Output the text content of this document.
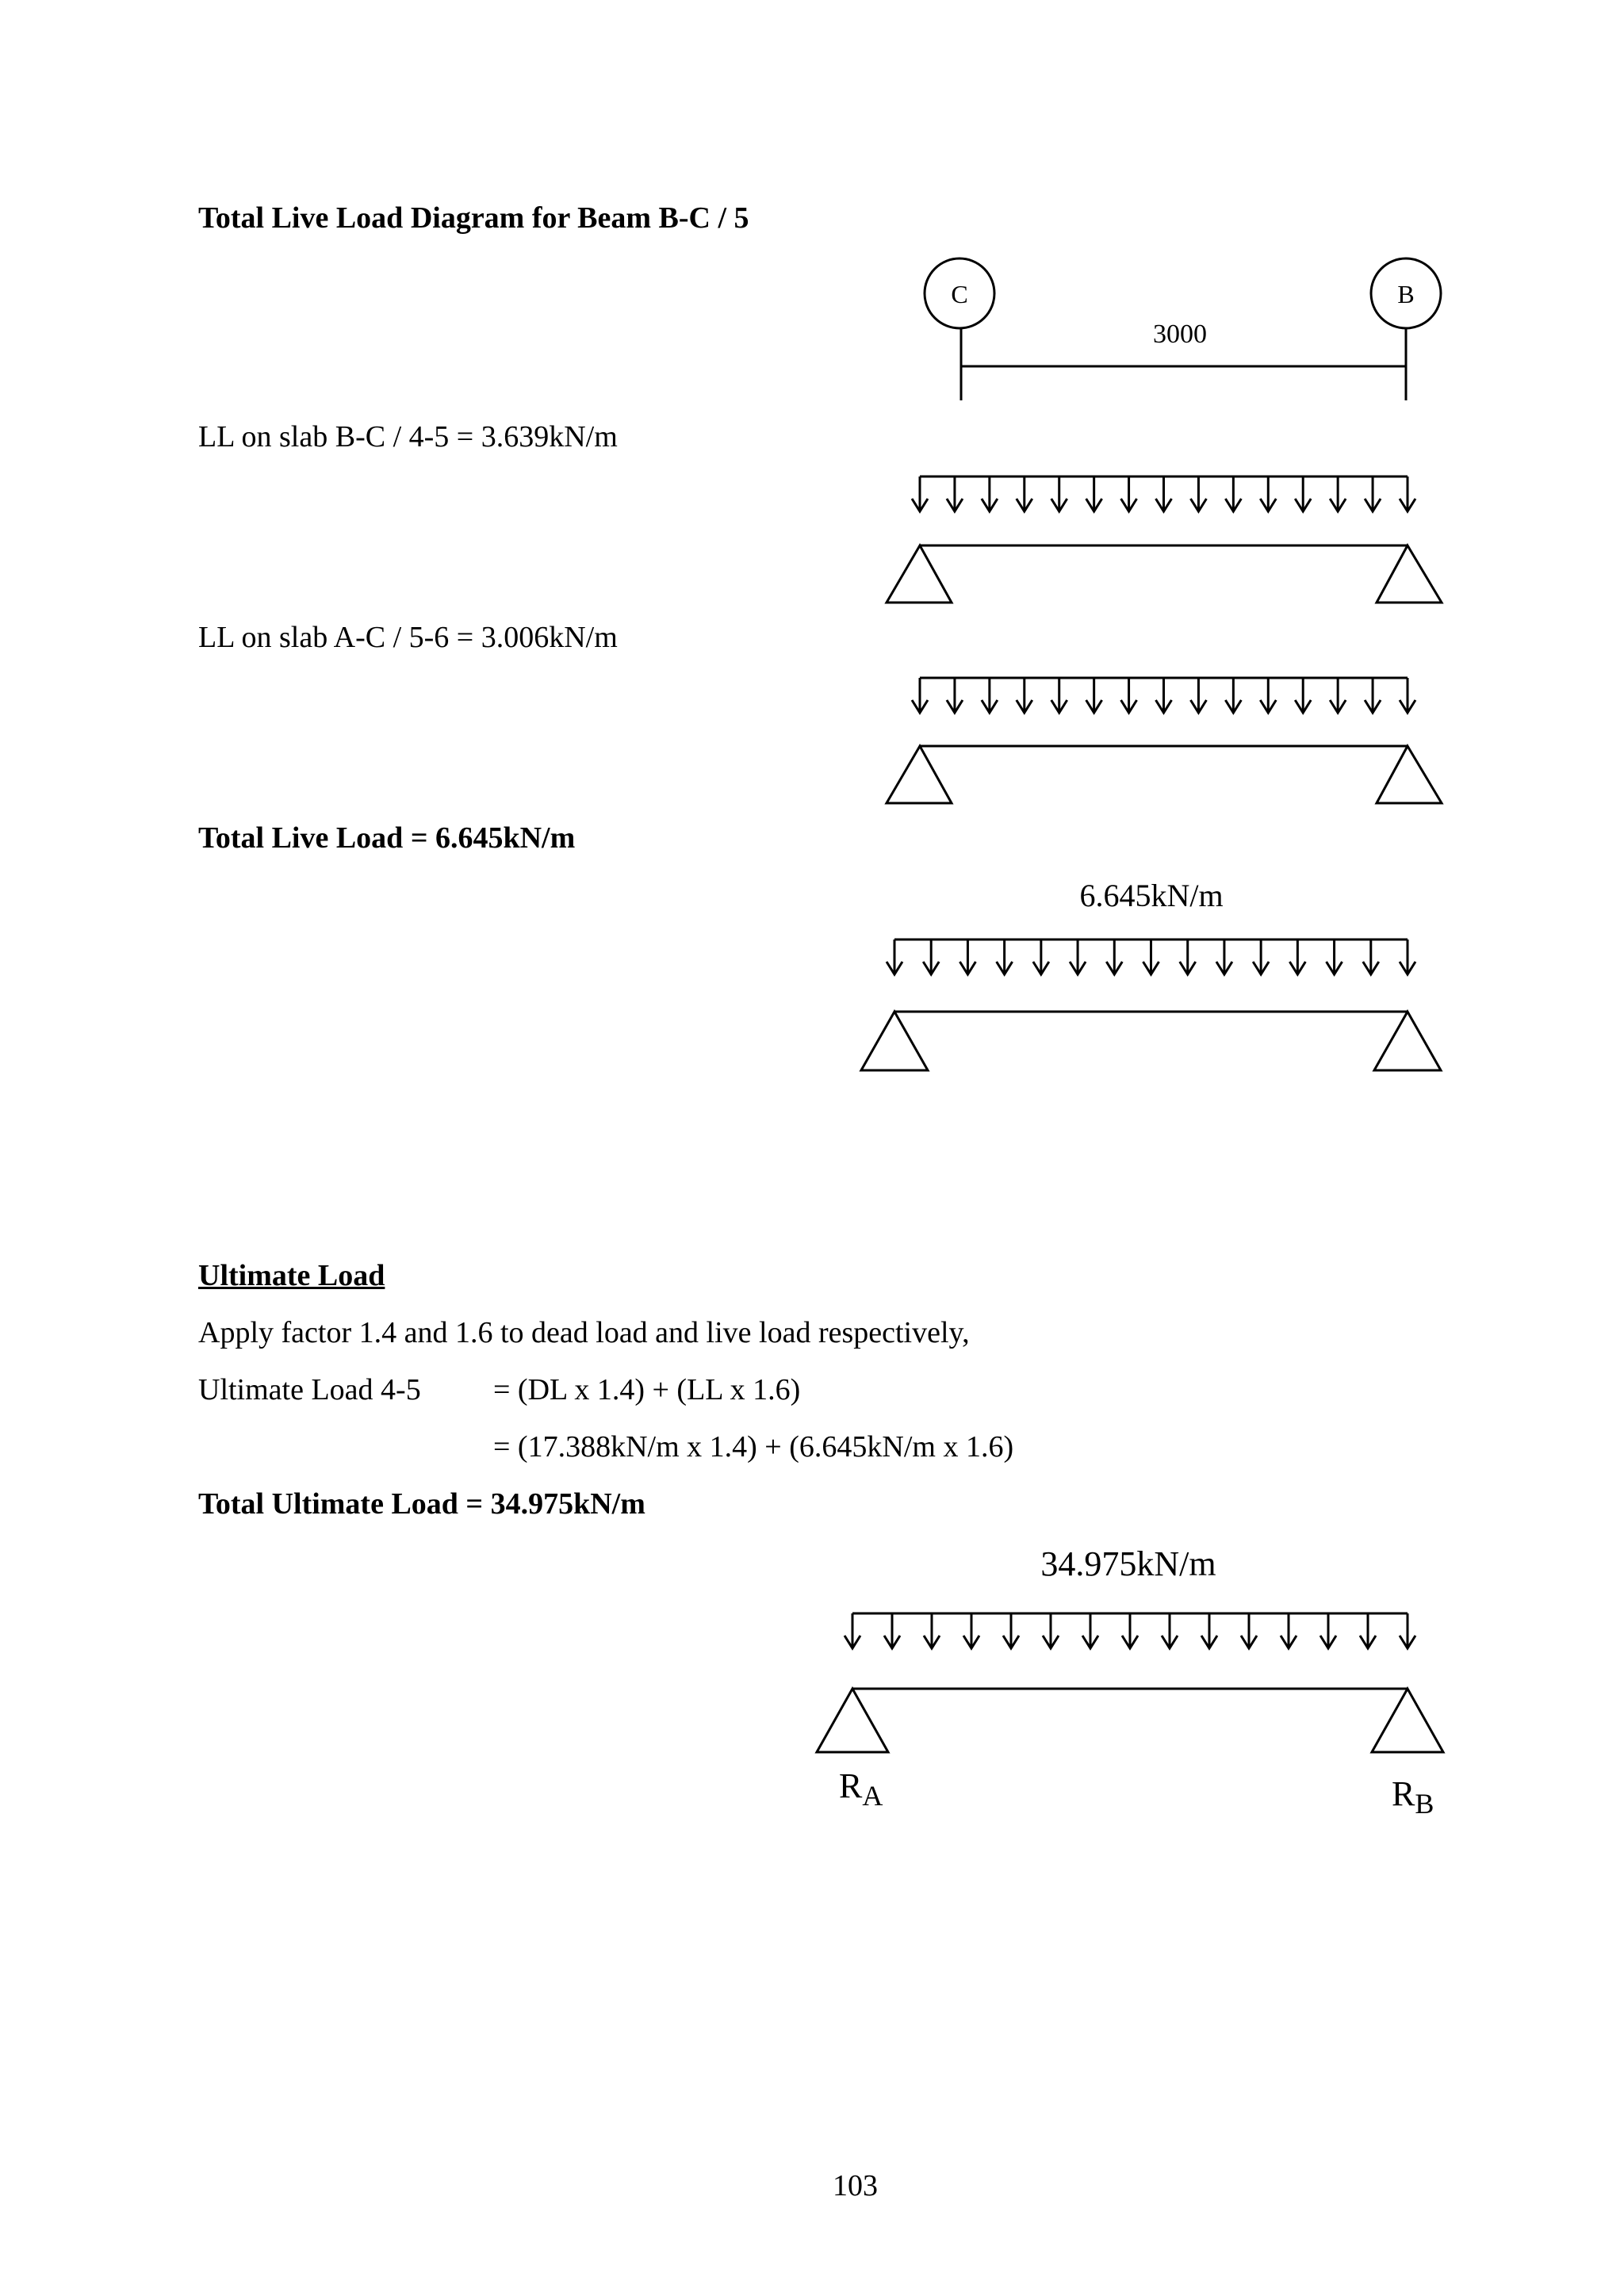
Total Live Load Diagram for Beam B-C / 5
LL on slab B-C / 4-5 = 3.639kN/m
LL on slab A-C / 5-6 = 3.006kN/m
Total Live Load = 6.645kN/m
Ultimate Load
Apply factor 1.4 and 1.6 to dead load and live load respectively,
Ultimate Load 4-5 = (DL x 1.4) + (LL x 1.6)
= (17.388kN/m x 1.4) + (6.645kN/m x 1.6)
Total Ultimate Load = 34.975kN/m
103
C	B
3000
6.645kN/m
34.975kN/m
$R_A$	$R_B$
